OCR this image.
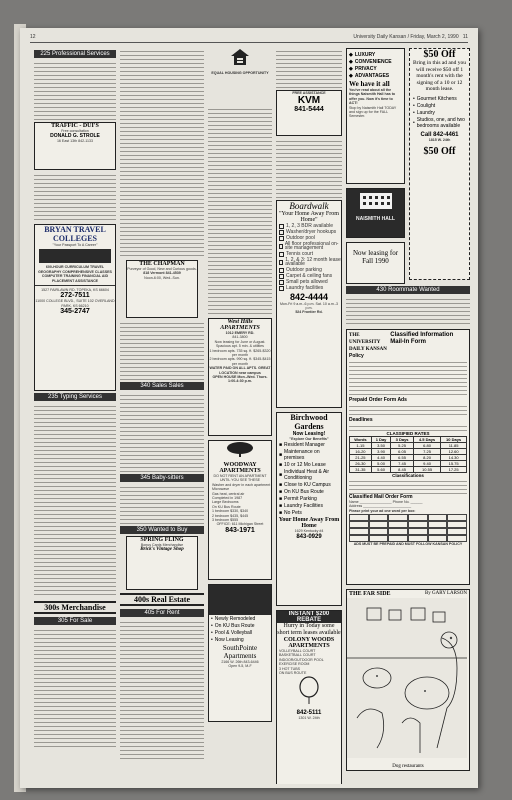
12	University Daily Kansan / Friday, March 2, 1990 11
225 Professional Services
TRAFFIC - DUI'S
Free consultation
DONALD G. STROLE
16 East 13th 842-1133
BRYAN TRAVEL COLLEGES
"Your Passport To A Career"
600-HOUR CURRICULUM TRAVEL GEOGRAPHY COMPREHENSIVE CLASSES COMPUTER TRAINING FINANCIAL AID PLACEMENT ASSISTANCE
1527 FAIRLAWN RD. TOPEKA, KS 66604
272-7511
11000 COLLEGE BLVD., SUITE 102 OVERLAND PARK, KS 66210
345-2747
235 Typing Services
300s Merchandise
305 For Sale
THE CHAPMAN
Purveyor of Good, New and Curious goods.
818 Vermont 841-4539
Noon-6:00, Wed.-Sun.
340 Sales Sales
345 Baby-sitters
350 Wanted to Buy
SPRING FLING
Bonus Cards Merchandise
Brick's Vintage Shop
400s Real Estate
405 For Rent
EQUAL HOUSING OPPORTUNITY
West Hills APARTMENTS
1012 EMERY RD.
841-3800
Now leasing for June or August. Spacious apt. 5 min. & utilities
1 bedroom apts. 735 sq. ft. $265-$320 per month
2 bedroom apts. 990 sq. ft. $345-$415 per month
WATER PAID ON ALL APTS. GREAT LOCATION near campus
OPEN HOUSE Mon.-Wed. Thurs. 1:00-4:30 p.m.
WOODWAY APARTMENTS
DO NOT RENT AN APARTMENT UNTIL YOU SEE THESE
Washer and dryer in each apartment
Microwave
Gas heat, central air
Completed in 1987
Large Bedrooms
On KU Bus Route
1 bedroom $330, $340
2 bedroom $435, $445
3 bedroom $555
OFFICE: 611 Michigan Street
843-1971
• Newly Remodeled
• On KU Bus Route
• Pool & Volleyball
• Now Leasing
SouthPointe Apartments
2166 W. 26th 843-6446
Open 9-5, M-F
FREE ASSISTANCE
KVM
841-5444
Boardwalk
"Your Home Away From Home"
1, 2, 3 BDR available
Washer/dryer hookups
Outdoor pool
All floor professional on-site management
Tennis court
1, 2, & 3: 12 month lease available
Outdoor parking
Carpet & ceiling fans
Small pets allowed
Laundry facilities
842-4444
Mon-Fri 9 a.m.-6 p.m. Sat. 10 a.m.-3 p.m.
524 Frontier Rd.
Birchwood Gardens
Now Leasing!
"Explore Our Benefits"
■ Resident Manager
■ Maintenance on premises
■ 10 or 12 Mo Lease
■ Individual Heat & Air Conditioning
■ Close to KU Campus
■ On KU Bus Route
■ Permit Parking
■ Laundry Facilities
■ No Pets
Your Home Away From Home
1629 Kentucky #4
843-0929
INSTANT $200 REBATE
Hurry in Today some short term leases available
COLONY WOODS APARTMENTS
VOLLEYBALL COURT
BASKETBALL COURT
INDOOR/OUTDOOR POOL
EXERCISE ROOM
3 HOT TUBS
ON BUS ROUTE
842-5111
1301 W. 24th
◆ LUXURY
◆ CONVENIENCE
◆ PRIVACY
◆ ADVANTAGES
We have it all
You've read about all the things Naismith Hall has to offer you. Now it's time to ACT!
Stop by Naismith Hall TODAY and sign up for the FALL Semester.
NAISMITH HALL
Now leasing for Fall 1990
$50 Off
Bring in this ad and you will receive $50 off 1 month's rent with the signing of a 10 or 12 month lease.
• Gourmet Kitchens
• Coulight
• Laundry
• Studios, one, and two bedrooms available
Call 842-4461
1815 W. 24th
$50 Off
430 Roommate Wanted
THE UNIVERSITY DAILY KANSAN
Classified Information Mail-In Form
Policy
Prepaid Order Form Ads
Deadlines
CLASSIFIED RATES
Words	1 Day	3 Days	4.5 Days	10 Days
1-15	3.50	5.25	6.80	11.85
16-20	3.90	6.05	7.25	12.60
21-25	4.40	6.55	8.20	14.30
26-30	5.00	7.45	9.40	15.75
31-35	5.60	8.45	10.55	17.25
Classifications
Classified Mail Order Form
Name ________________ Phone No. ______
Address ________________________
Please print your ad one word per box:
ADS MUST BE PREPAID AND MUST FOLLOW KANSAN POLICY
THE FAR SIDE	By GARY LARSON
Dog restaurants
